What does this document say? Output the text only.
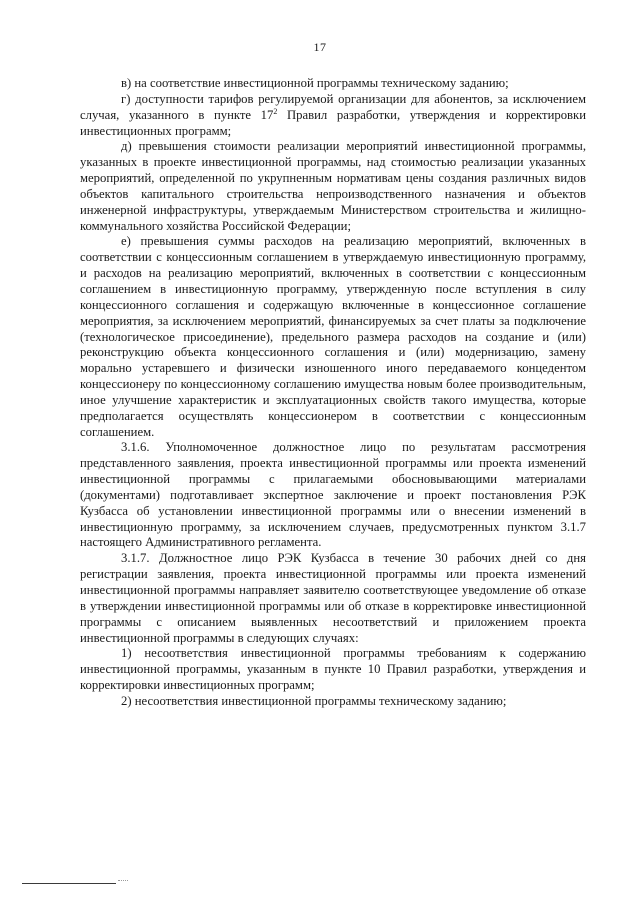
17

в) на соответствие инвестиционной программы техническому заданию;

г) доступности тарифов регулируемой организации для абонентов, за исключением случая, указанного в пункте $17^2$ Правил разработки, утверждения и корректировки инвестиционных программ;

д) превышения стоимости реализации мероприятий инвестиционной программы, указанных в проекте инвестиционной программы, над стоимостью реализации указанных мероприятий, определенной по укрупненным нормативам цены создания различных видов объектов капитального строительства непроизводственного назначения и объектов инженерной инфраструктуры, утверждаемым Министерством строительства и жилищно-коммунального хозяйства Российской Федерации;

е) превышения суммы расходов на реализацию мероприятий, включенных в соответствии с концессионным соглашением в утверждаемую инвестиционную программу, и расходов на реализацию мероприятий, включенных в соответствии с концессионным соглашением в инвестиционную программу, утвержденную после вступления в силу концессионного соглашения и содержащую включенные в концессионное соглашение мероприятия, за исключением мероприятий, финансируемых за счет платы за подключение (технологическое присоединение), предельного размера расходов на создание и (или) реконструкцию объекта концессионного соглашения и (или) модернизацию, замену морально устаревшего и физически изношенного иного передаваемого концедентом концессионеру по концессионному соглашению имущества новым более производительным, иное улучшение характеристик и эксплуатационных свойств такого имущества, которые предполагается осуществлять концессионером в соответствии с концессионным соглашением.

3.1.6. Уполномоченное должностное лицо по результатам рассмотрения представленного заявления, проекта инвестиционной программы или проекта изменений инвестиционной программы с прилагаемыми обосновывающими материалами (документами) подготавливает экспертное заключение и проект постановления РЭК Кузбасса об установлении инвестиционной программы или о внесении изменений в инвестиционную программу, за исключением случаев, предусмотренных пунктом 3.1.7 настоящего Административного регламента.

3.1.7. Должностное лицо РЭК Кузбасса в течение 30 рабочих дней со дня регистрации заявления, проекта инвестиционной программы или проекта изменений инвестиционной программы направляет заявителю соответствующее уведомление об отказе в утверждении инвестиционной программы или об отказе в корректировке инвестиционной программы с описанием выявленных несоответствий и приложением проекта инвестиционной программы в следующих случаях:

1) несоответствия инвестиционной программы требованиям к содержанию инвестиционной программы, указанным в пункте 10 Правил разработки, утверждения и корректировки инвестиционных программ;

2) несоответствия инвестиционной программы техническому заданию;
